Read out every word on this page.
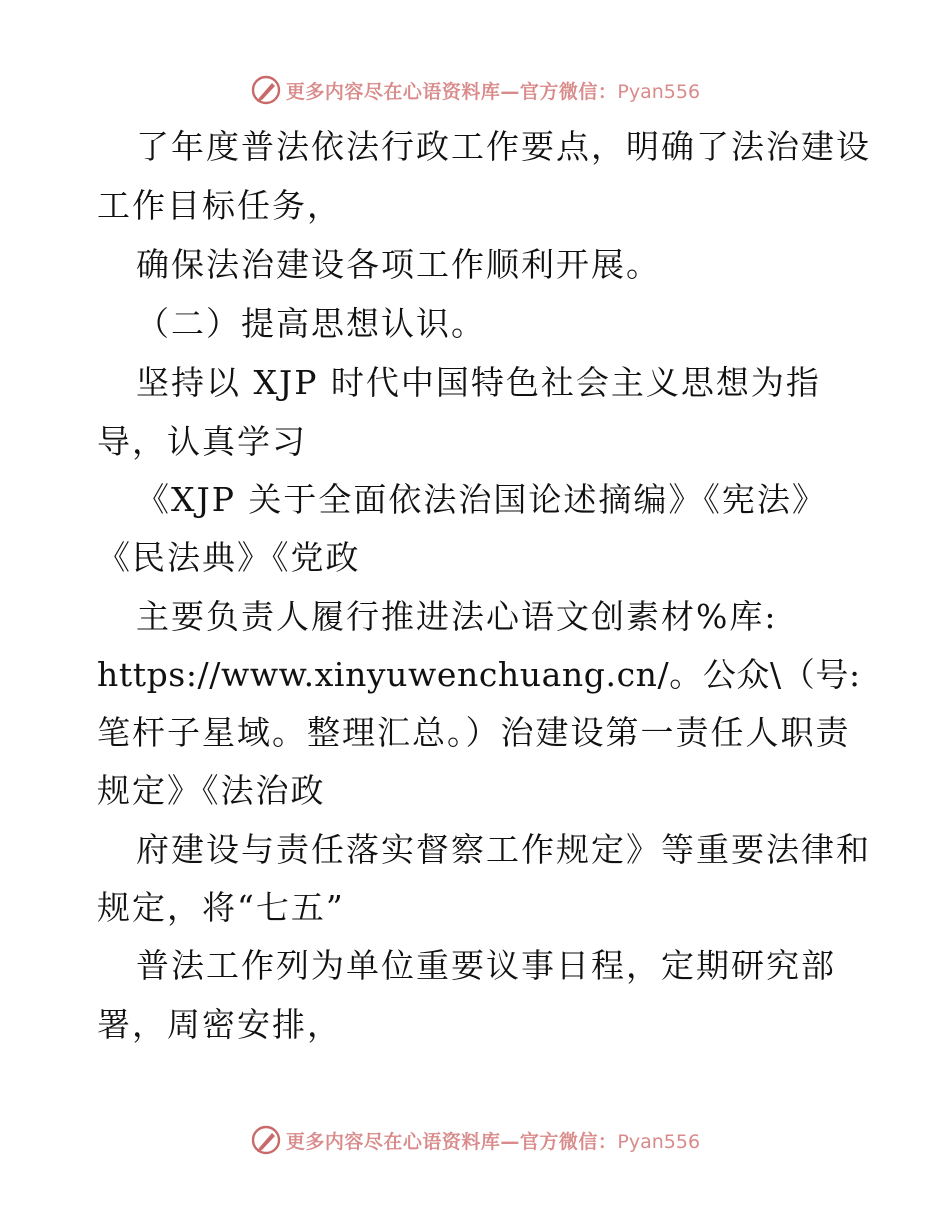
更多内容尽在心语资料库—官方微信：Pyan556
了年度普法依法行政工作要点，明确了法治建设
工作目标任务，
确保法治建设各项工作顺利开展。
（二）提高思想认识。
坚持以 XJP 时代中国特色社会主义思想为指
导，认真学习
《XJP 关于全面依法治国论述摘编》《宪法》
《民法典》《党政
主要负责人履行推进法心语文创素材%库:
https://www.xinyuwenchuang.cn/。公众\（号:
笔杆子星域。整理汇总。）治建设第一责任人职责
规定》《法治政
府建设与责任落实督察工作规定》等重要法律和
规定，将“七五”
普法工作列为单位重要议事日程，定期研究部
署，周密安排，
更多内容尽在心语资料库—官方微信：Pyan556
